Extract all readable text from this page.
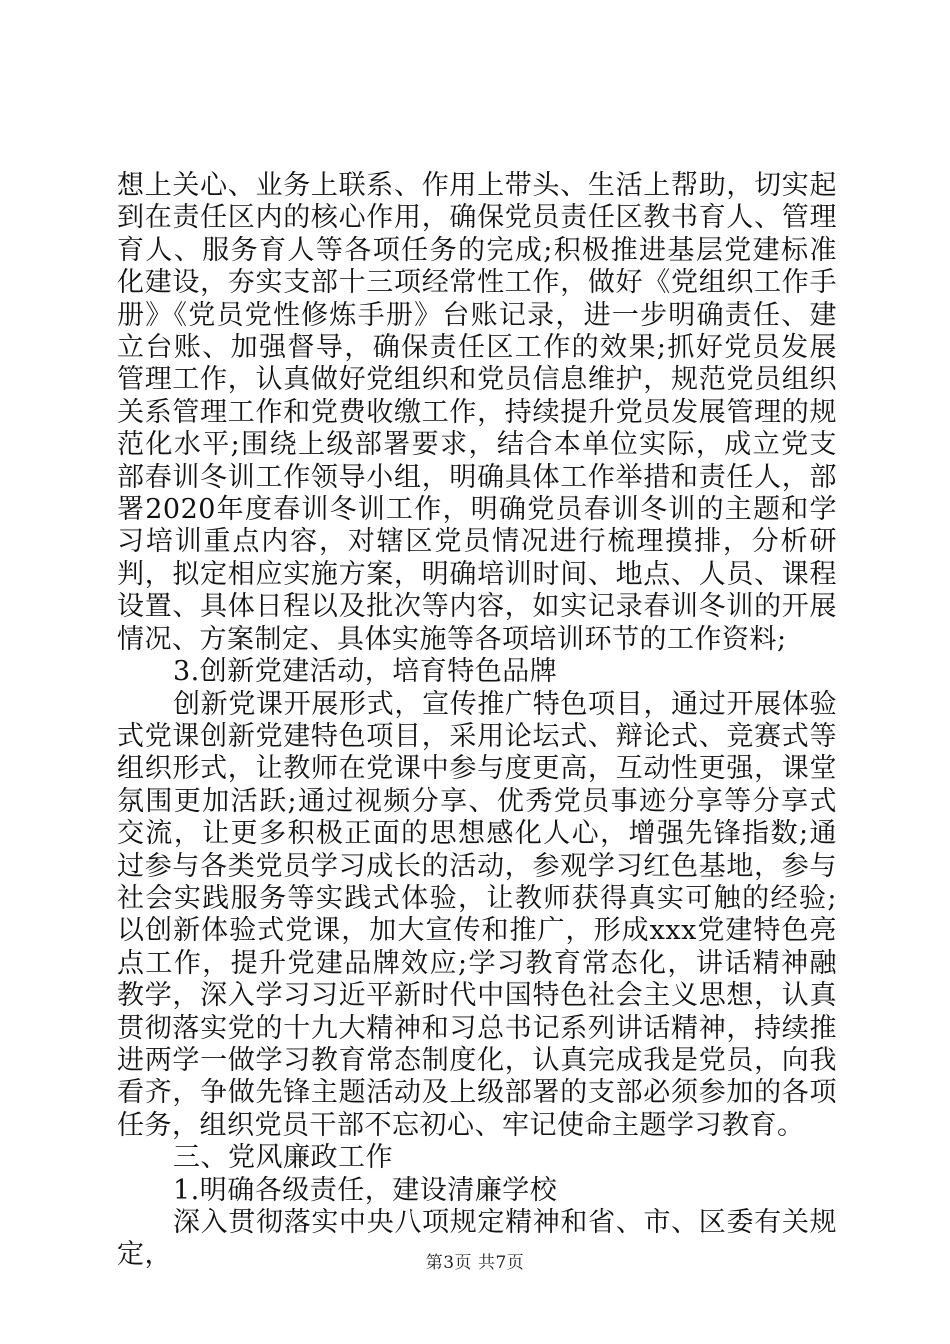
想上关心、业务上联系、作用上带头、生活上帮助，切实起到在责任区内的核心作用，确保党员责任区教书育人、管理育人、服务育人等各项任务的完成;积极推进基层党建标准化建设，夯实支部十三项经常性工作，做好《党组织工作手册》《党员党性修炼手册》台账记录，进一步明确责任、建立台账、加强督导，确保责任区工作的效果;抓好党员发展管理工作，认真做好党组织和党员信息维护，规范党员组织关系管理工作和党费收缴工作，持续提升党员发展管理的规范化水平;围绕上级部署要求，结合本单位实际，成立党支部春训冬训工作领导小组，明确具体工作举措和责任人，部署2020年度春训冬训工作，明确党员春训冬训的主题和学习培训重点内容，对辖区党员情况进行梳理摸排，分析研判，拟定相应实施方案，明确培训时间、地点、人员、课程设置、具体日程以及批次等内容，如实记录春训冬训的开展情况、方案制定、具体实施等各项培训环节的工作资料;

3.创新党建活动，培育特色品牌

创新党课开展形式，宣传推广特色项目，通过开展体验式党课创新党建特色项目，采用论坛式、辩论式、竞赛式等组织形式，让教师在党课中参与度更高，互动性更强，课堂氛围更加活跃;通过视频分享、优秀党员事迹分享等分享式交流，让更多积极正面的思想感化人心，增强先锋指数;通过参与各类党员学习成长的活动，参观学习红色基地，参与社会实践服务等实践式体验，让教师获得真实可触的经验;以创新体验式党课，加大宣传和推广，形成xxx党建特色亮点工作，提升党建品牌效应;学习教育常态化，讲话精神融教学，深入学习习近平新时代中国特色社会主义思想，认真贯彻落实党的十九大精神和习总书记系列讲话精神，持续推进两学一做学习教育常态制度化，认真完成我是党员，向我看齐，争做先锋主题活动及上级部署的支部必须参加的各项任务，组织党员干部不忘初心、牢记使命主题学习教育。

三、党风廉政工作

1.明确各级责任，建设清廉学校

深入贯彻落实中央八项规定精神和省、市、区委有关规定，	第3页 共7页
